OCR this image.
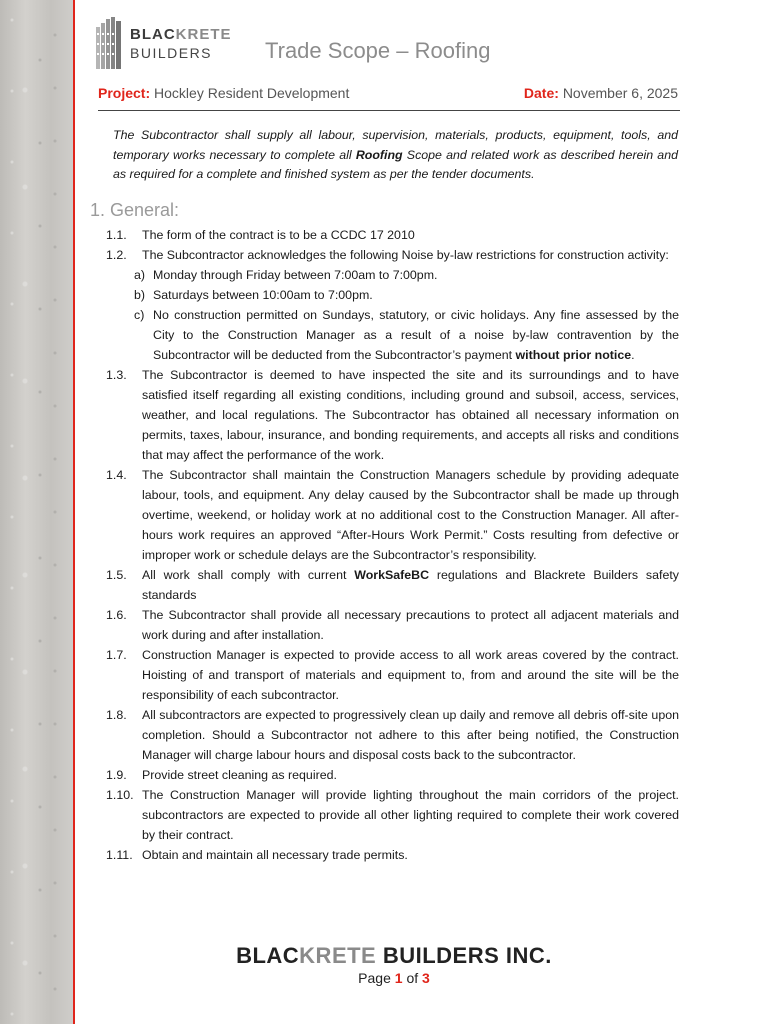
BLACKRETE
BUILDERS	Trade Scope – Roofing
Project: Hockley Resident Development	Date: November 6, 2025
The Subcontractor shall supply all labour, supervision, materials, products, equipment, tools, and temporary works necessary to complete all Roofing Scope and related work as described herein and as required for a complete and finished system as per the tender documents.
1. General:
1.1.	The form of the contract is to be a CCDC 17 2010
1.2.	The Subcontractor acknowledges the following Noise by-law restrictions for construction activity:
a) Monday through Friday between 7:00am to 7:00pm.
b) Saturdays between 10:00am to 7:00pm.
c) No construction permitted on Sundays, statutory, or civic holidays. Any fine assessed by the City to the Construction Manager as a result of a noise by-law contravention by the Subcontractor will be deducted from the Subcontractor’s payment without prior notice.
1.3.	The Subcontractor is deemed to have inspected the site and its surroundings and to have satisfied itself regarding all existing conditions, including ground and subsoil, access, services, weather, and local regulations. The Subcontractor has obtained all necessary information on permits, taxes, labour, insurance, and bonding requirements, and accepts all risks and conditions that may affect the performance of the work.
1.4.	The Subcontractor shall maintain the Construction Managers schedule by providing adequate labour, tools, and equipment. Any delay caused by the Subcontractor shall be made up through overtime, weekend, or holiday work at no additional cost to the Construction Manager. All after-hours work requires an approved “After-Hours Work Permit.” Costs resulting from defective or improper work or schedule delays are the Subcontractor’s responsibility.
1.5.	All work shall comply with current WorkSafeBC regulations and Blackrete Builders safety standards
1.6.	The Subcontractor shall provide all necessary precautions to protect all adjacent materials and work during and after installation.
1.7.	Construction Manager is expected to provide access to all work areas covered by the contract. Hoisting of and transport of materials and equipment to, from and around the site will be the responsibility of each subcontractor.
1.8.	All subcontractors are expected to progressively clean up daily and remove all debris off-site upon completion. Should a Subcontractor not adhere to this after being notified, the Construction Manager will charge labour hours and disposal costs back to the subcontractor.
1.9.	Provide street cleaning as required.
1.10. The Construction Manager will provide lighting throughout the main corridors of the project. subcontractors are expected to provide all other lighting required to complete their work covered by their contract.
1.11. Obtain and maintain all necessary trade permits.
BLACKRETE BUILDERS INC.
Page 1 of 3
